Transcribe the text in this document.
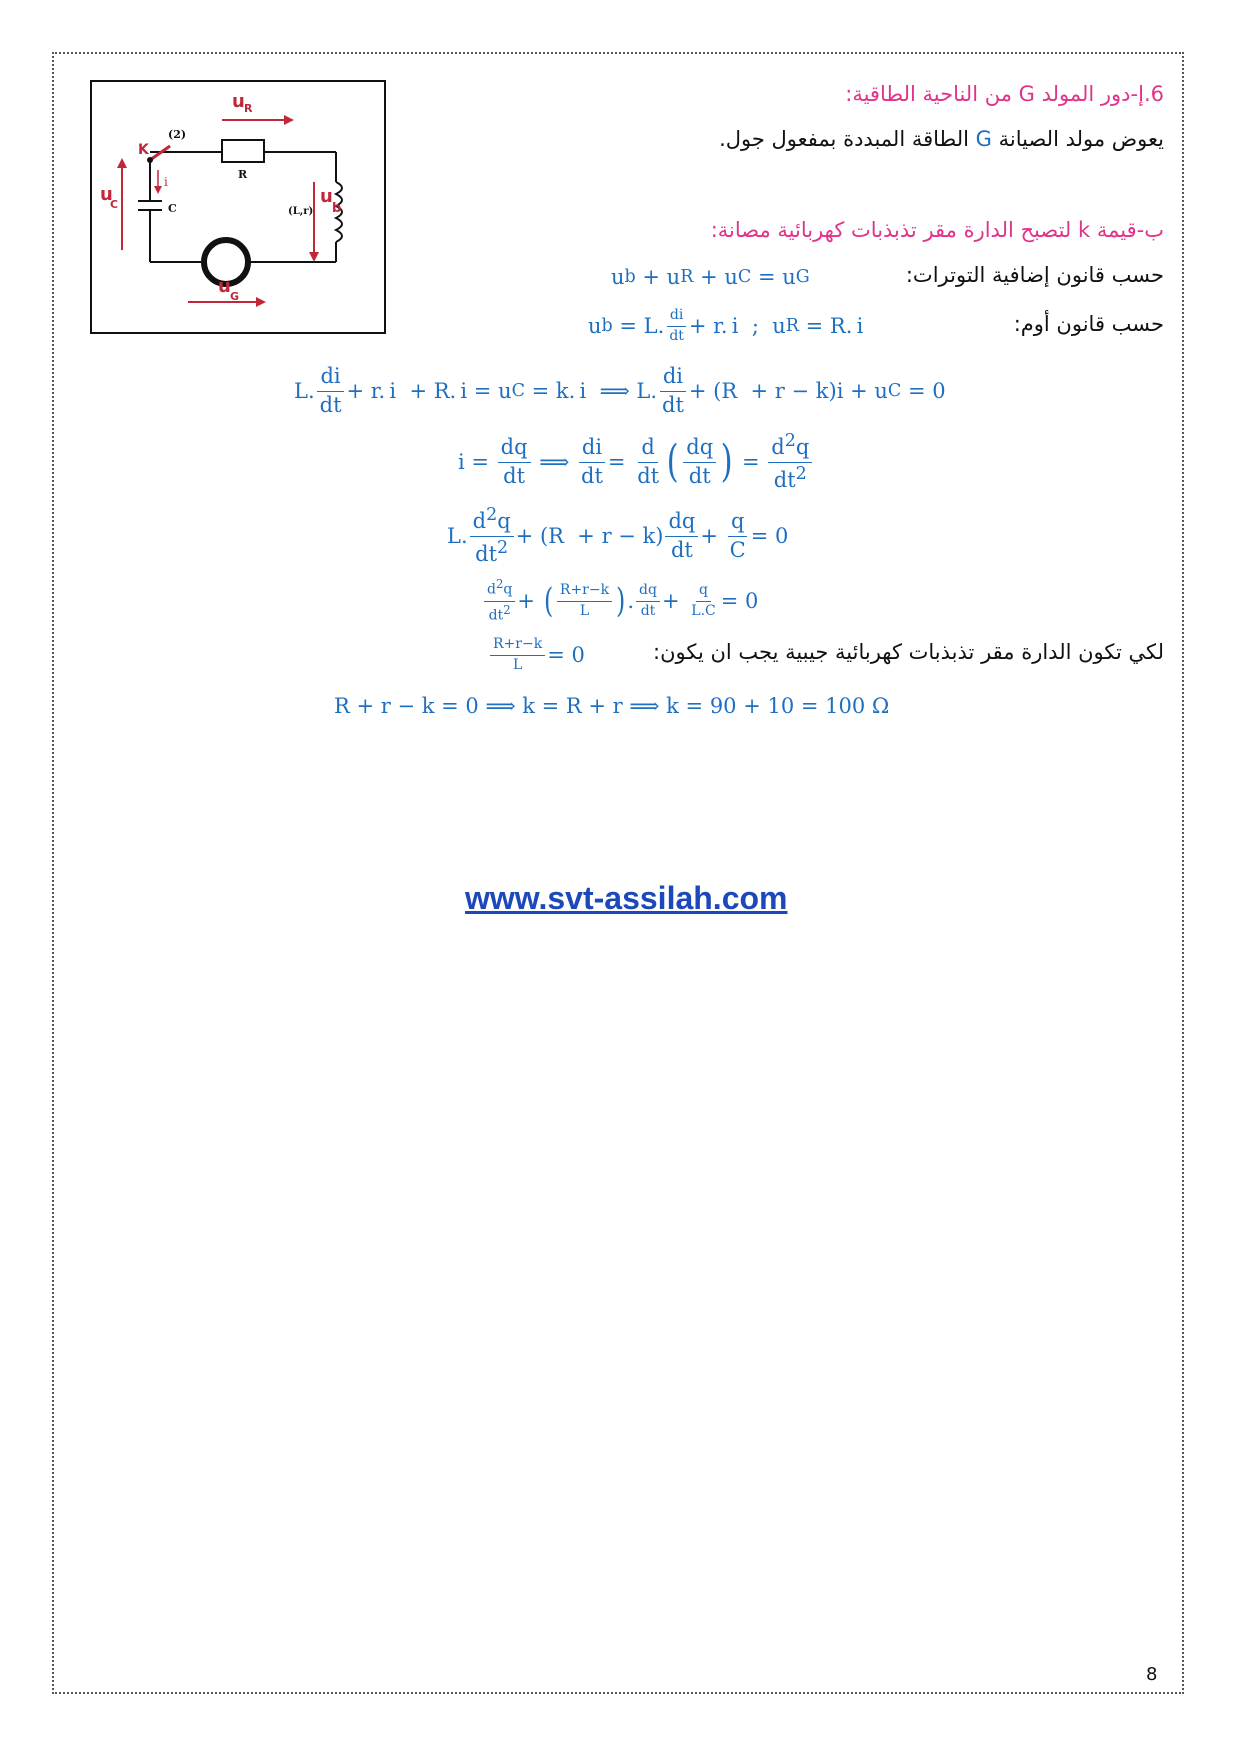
u R
u
b
u
C
u G
K
(2)
i
R
C	(L,r)
6.إ-دور المولد G من الناحية الطاقية:
يعوض مولد الصيانة G الطاقة المبددة بمفعول جول.
ب-قيمة k لتصبح الدارة مقر تذبذبات كهربائية مصانة:
حسب قانون إضافية التوترات:
حسب قانون أوم:
لكي تكون الدارة مقر تذبذبات كهربائية جيبية يجب ان يكون:
u b + u R + u C = u G
u b = L. $\frac{di}{dt} + r$. i  ;  u R = R. i
L. $\frac{di}{dt} + r$. i  + R. i = u C = k. i  ⟹ L. $\frac{di}{dt} + (R + r - k)i + u$ C = 0
$i = \frac{dq}{dt}$ ⟹ $\frac{di}{dt} = \frac{d}{dt}$ ( $\frac{dq}{dt}$ ) = $\frac{d^2q}{dt^2}$
L. $\frac{d^2q}{dt^2} + (R + r - k) \frac{dq}{dt} + \frac{q}{C} = 0$
$\frac{d^2q}{dt^2}$ + ( $\frac{R+r-k}{L}$ ) . $\frac{dq}{dt} + \frac{q}{L.C} = 0$
$\frac{R+r-k}{L} = 0$
R + r − k = 0 ⟹ k = R + r ⟹ k = 90 + 10 = 100 Ω
www.svt-assilah.com
8
